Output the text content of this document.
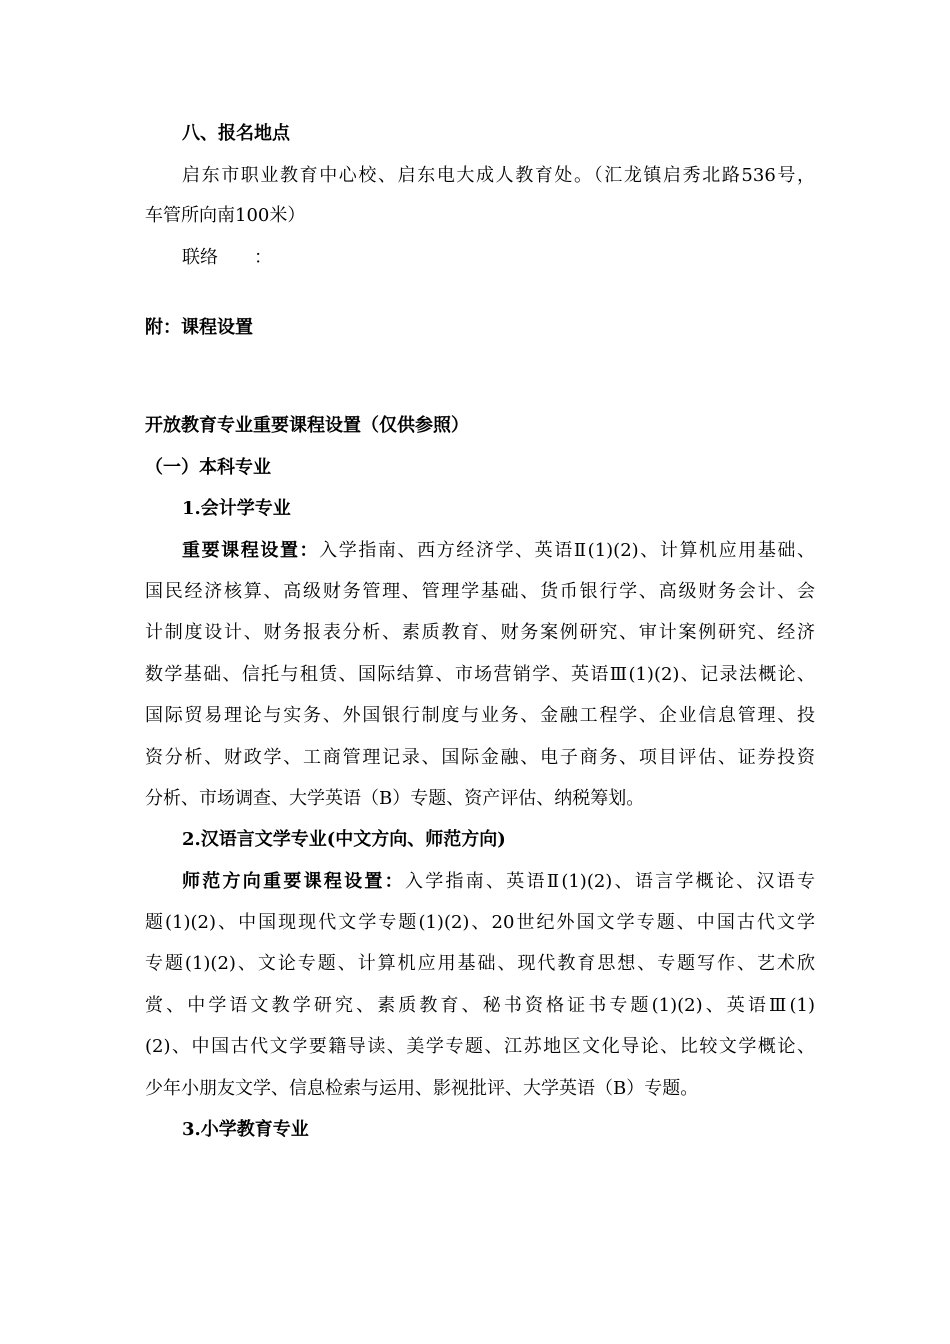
八、报名地点
启东市职业教育中心校、启东电大成人教育处。（汇龙镇启秀北路536号，
车管所向南100米）
联络 ：
附：课程设置
开放教育专业重要课程设置（仅供参照）
（一）本科专业
1.会计学专业
重要课程设置：入学指南、西方经济学、英语Ⅱ(1)(2)、计算机应用基础、
国民经济核算、高级财务管理、管理学基础、货币银行学、高级财务会计、会
计制度设计、财务报表分析、素质教育、财务案例研究、审计案例研究、经济
数学基础、信托与租赁、国际结算、市场营销学、英语Ⅲ(1)(2)、记录法概论、
国际贸易理论与实务、外国银行制度与业务、金融工程学、企业信息管理、投
资分析、财政学、工商管理记录、国际金融、电子商务、项目评估、证券投资
分析、市场调查、大学英语（B）专题、资产评估、纳税筹划。
2.汉语言文学专业(中文方向、师范方向)
师范方向重要课程设置：入学指南、英语Ⅱ(1)(2)、语言学概论、汉语专
题(1)(2)、中国现现代文学专题(1)(2)、20世纪外国文学专题、中国古代文学
专题(1)(2)、文论专题、计算机应用基础、现代教育思想、专题写作、艺术欣
赏、中学语文教学研究、素质教育、秘书资格证书专题(1)(2)、英语Ⅲ(1)
(2)、中国古代文学要籍导读、美学专题、江苏地区文化导论、比较文学概论、
少年小朋友文学、信息检索与运用、影视批评、大学英语（B）专题。
3.小学教育专业
